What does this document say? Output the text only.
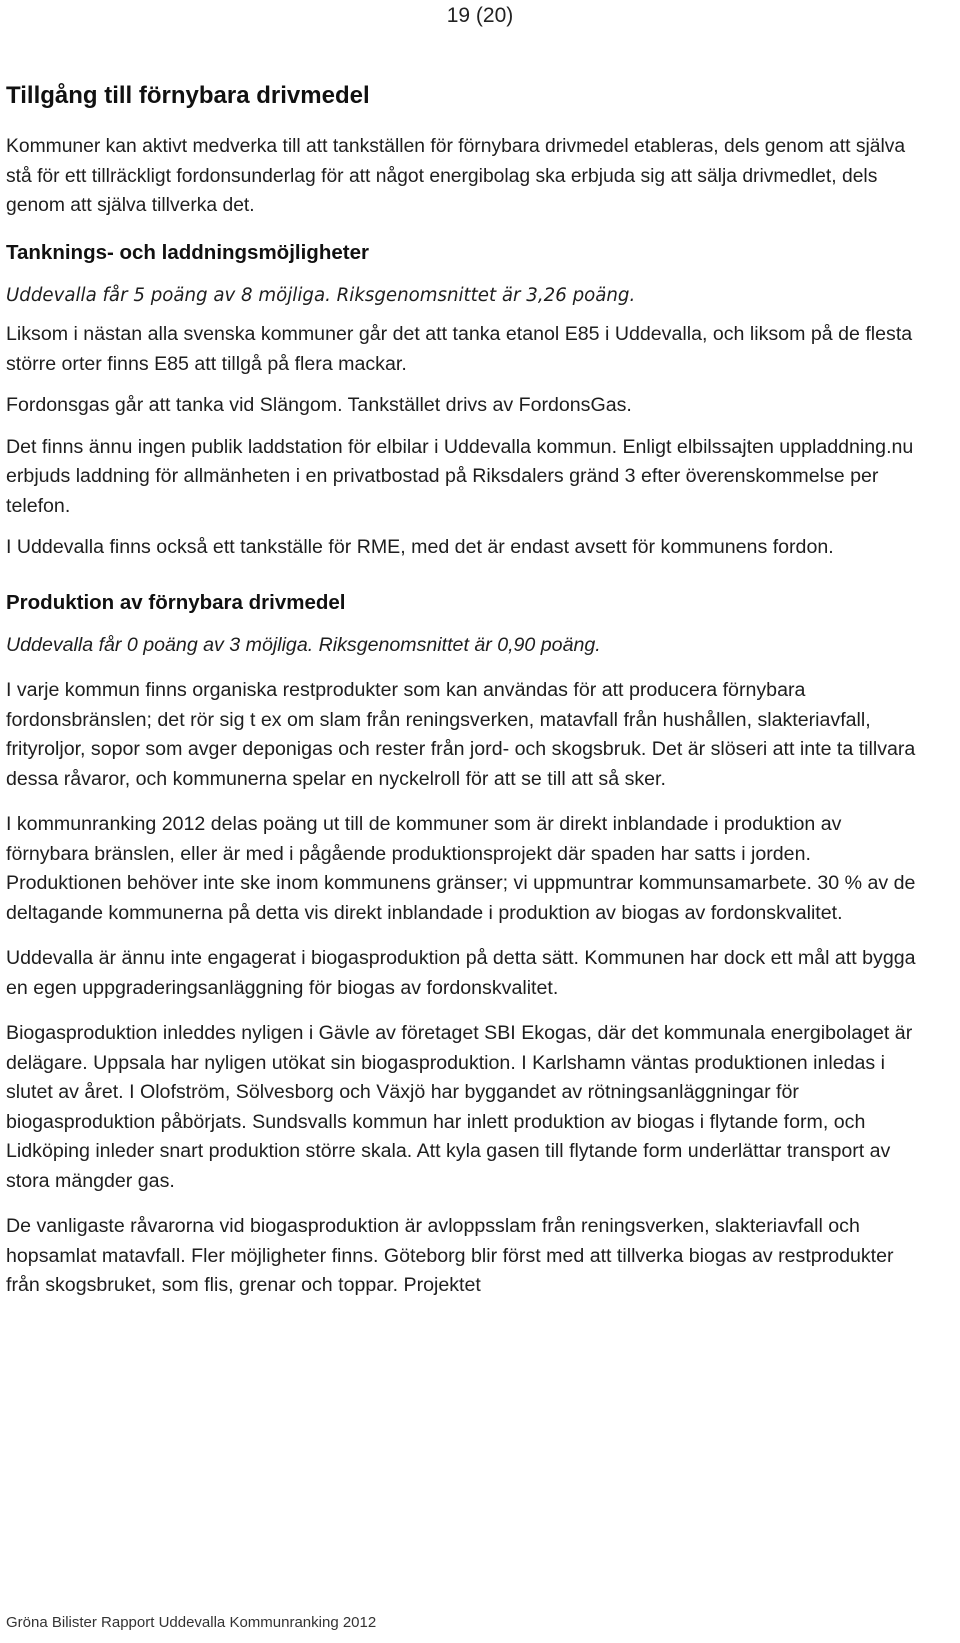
19 (20)
Tillgång till förnybara drivmedel

Kommuner kan aktivt medverka till att tankställen för förnybara drivmedel etableras, dels genom att själva stå för ett tillräckligt fordonsunderlag för att något energibolag ska erbjuda sig att sälja drivmedlet, dels genom att själva tillverka det.

Tanknings- och laddningsmöjligheter

Uddevalla får 5 poäng av 8 möjliga. Riksgenomsnittet är 3,26 poäng.

Liksom i nästan alla svenska kommuner går det att tanka etanol E85 i Uddevalla, och liksom på de flesta större orter finns E85 att tillgå på flera mackar.

Fordonsgas går att tanka vid Slängom. Tankstället drivs av FordonsGas.

Det finns ännu ingen publik laddstation för elbilar i Uddevalla kommun. Enligt elbilssajten uppladdning.nu erbjuds laddning för allmänheten i en privatbostad på Riksdalers gränd 3 efter överenskommelse per telefon.

I Uddevalla finns också ett tankställe för RME, med det är endast avsett för kommunens fordon.

Produktion av förnybara drivmedel

Uddevalla får 0 poäng av 3 möjliga. Riksgenomsnittet är 0,90 poäng.

I varje kommun finns organiska restprodukter som kan användas för att producera förnybara fordonsbränslen; det rör sig t ex om slam från reningsverken, matavfall från hushållen, slakteriavfall, frityroljor, sopor som avger deponigas och rester från jord- och skogsbruk. Det är slöseri att inte ta tillvara dessa råvaror, och kommunerna spelar en nyckelroll för att se till att så sker.

I kommunranking 2012 delas poäng ut till de kommuner som är direkt inblandade i produktion av förnybara bränslen, eller är med i pågående produktionsprojekt där spaden har satts i jorden. Produktionen behöver inte ske inom kommunens gränser; vi uppmuntrar kommunsamarbete. 30 % av de deltagande kommunerna på detta vis direkt inblandade i produktion av biogas av fordonskvalitet.

Uddevalla är ännu inte engagerat i biogasproduktion på detta sätt. Kommunen har dock ett mål att bygga en egen uppgraderingsanläggning för biogas av fordonskvalitet.

Biogasproduktion inleddes nyligen i Gävle av företaget SBI Ekogas, där det kommunala energibolaget är delägare. Uppsala har nyligen utökat sin biogasproduktion. I Karlshamn väntas produktionen inledas i slutet av året. I Olofström, Sölvesborg och Växjö har byggandet av rötningsanläggningar för biogasproduktion påbörjats. Sundsvalls kommun har inlett produktion av biogas i flytande form, och Lidköping inleder snart produktion större skala. Att kyla gasen till flytande form underlättar transport av stora mängder gas.

De vanligaste råvarorna vid biogasproduktion är avloppsslam från reningsverken, slakteriavfall och hopsamlat matavfall. Fler möjligheter finns. Göteborg blir först med att tillverka biogas av restprodukter från skogsbruket, som flis, grenar och toppar. Projektet

Gröna Bilister Rapport Uddevalla Kommunranking 2012
